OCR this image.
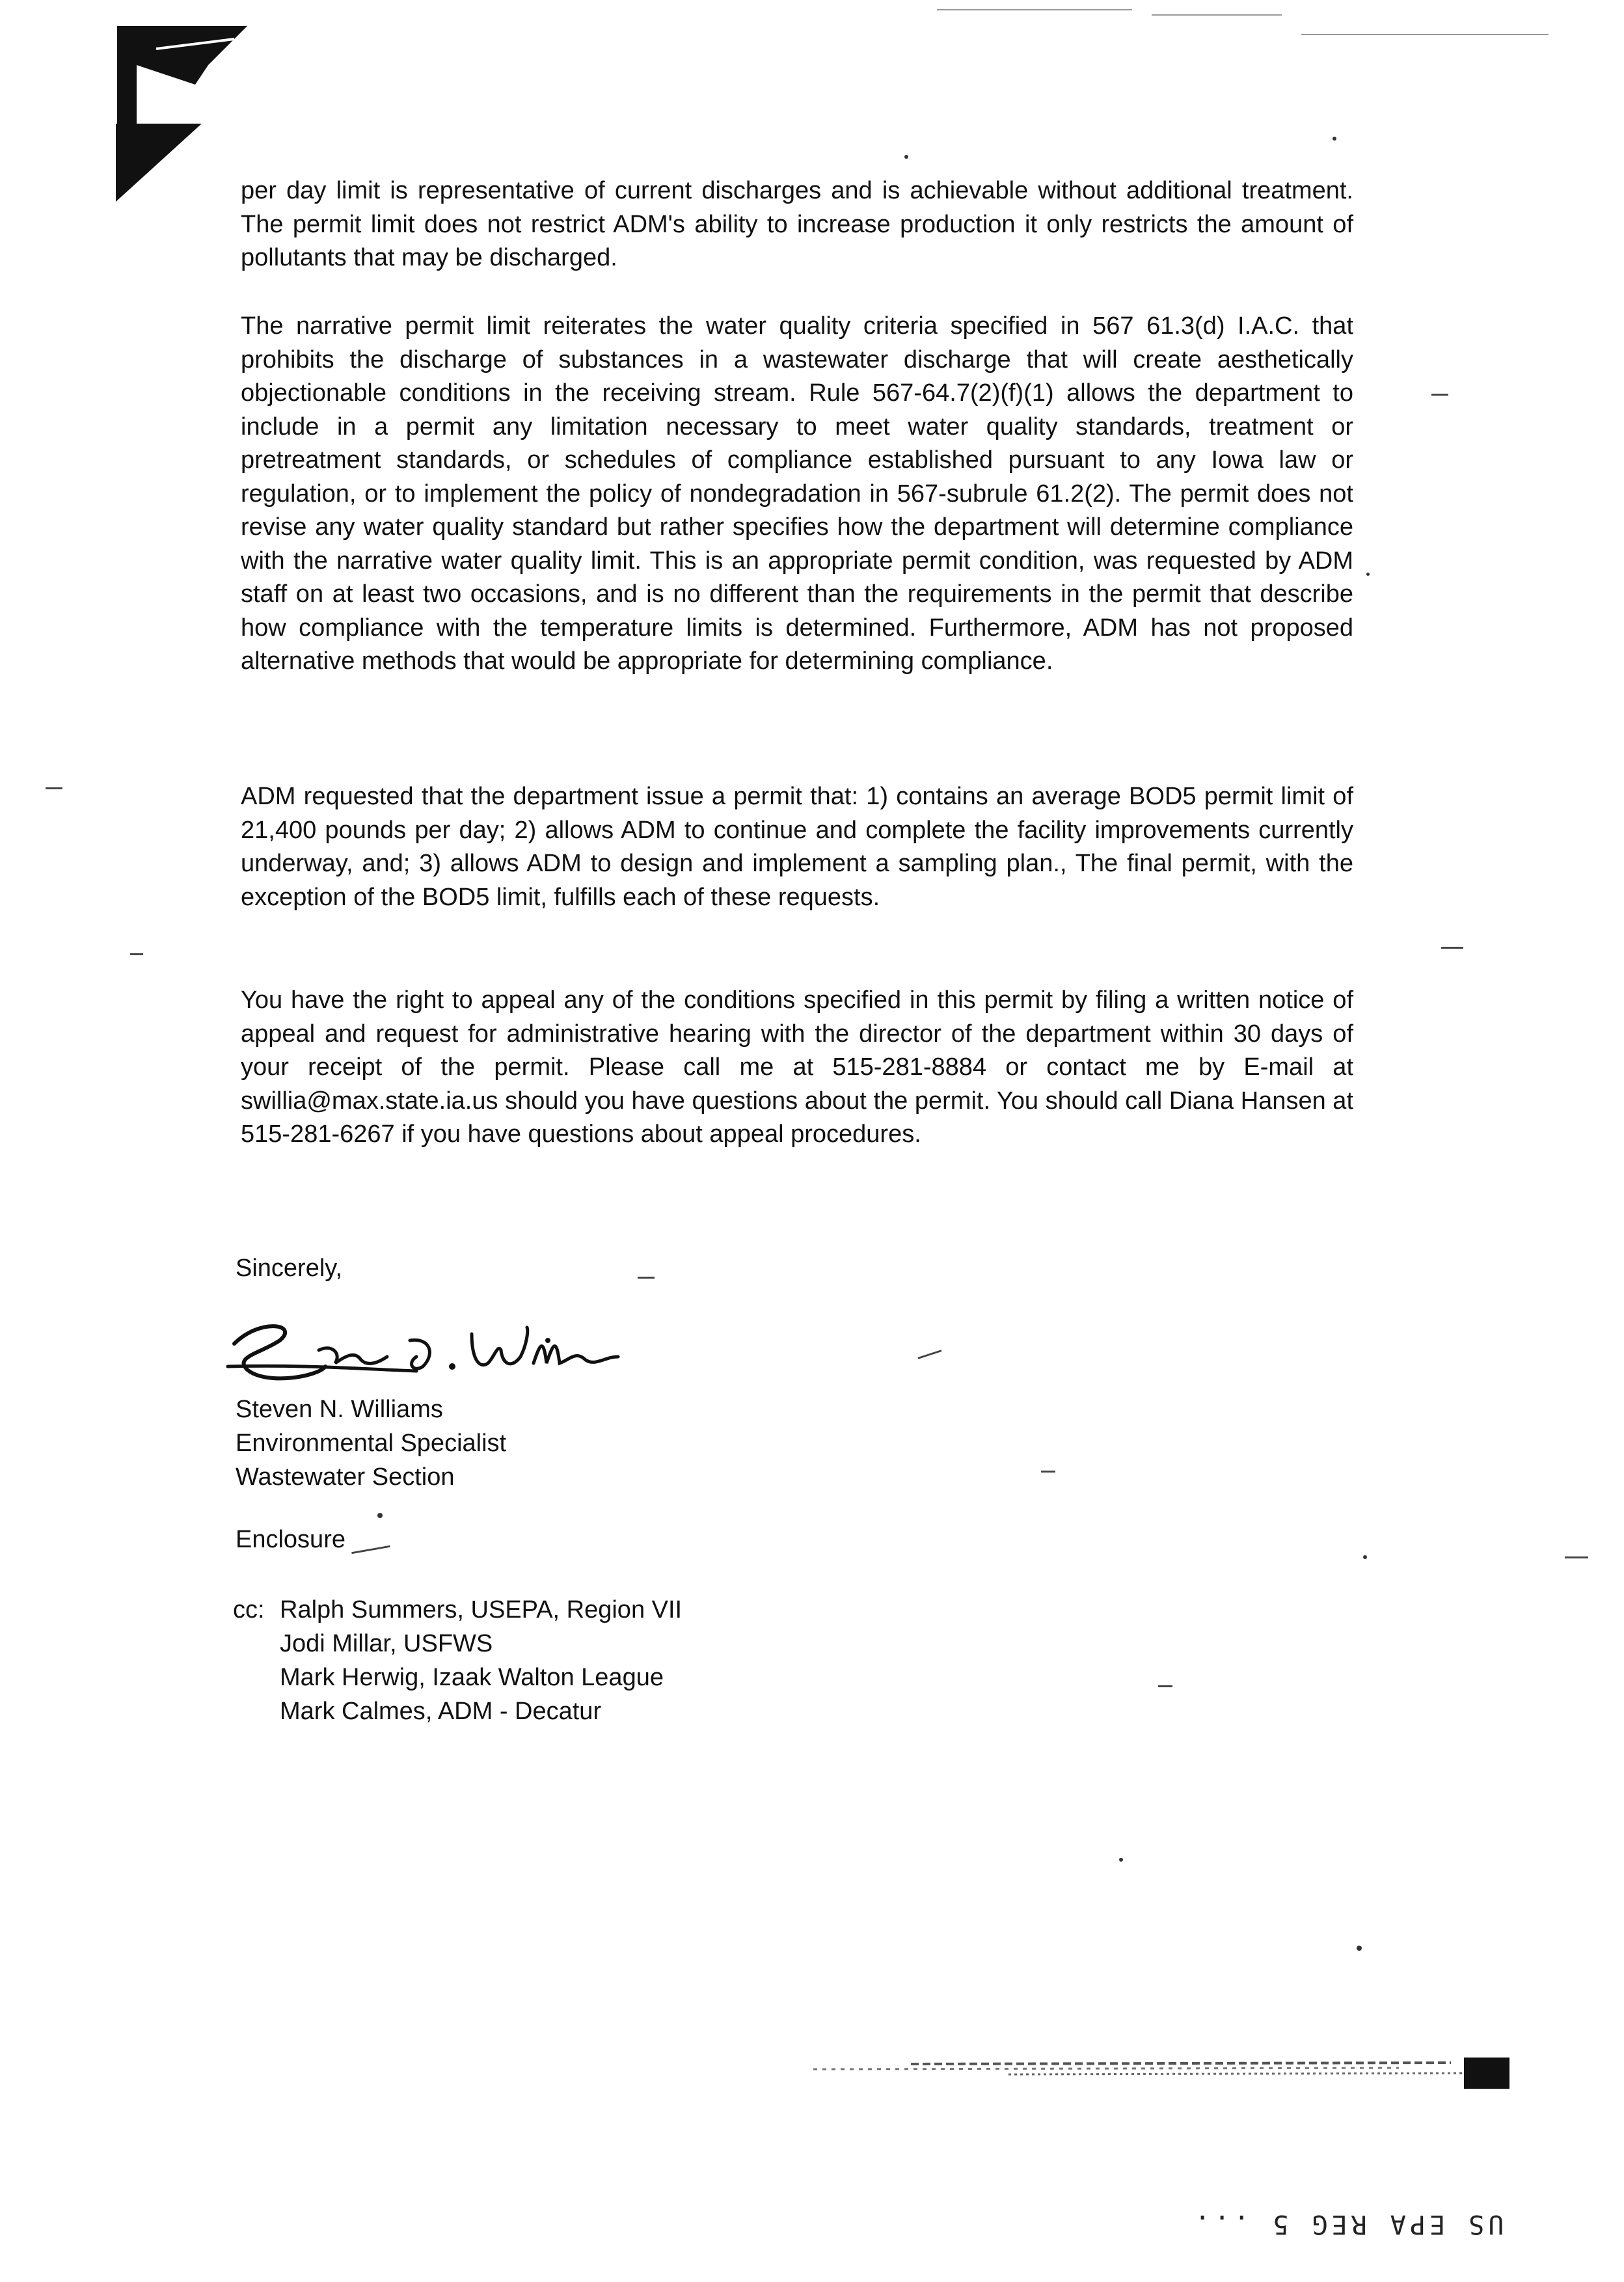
per day limit is representative of current discharges and is achievable without additional treatment. The permit limit does not restrict ADM's ability to increase production it only restricts the amount of pollutants that may be discharged.
The narrative permit limit reiterates the water quality criteria specified in 567 61.3(d) I.A.C. that prohibits the discharge of substances in a wastewater discharge that will create aesthetically objectionable conditions in the receiving stream. Rule 567-64.7(2)(f)(1) allows the department to include in a permit any limitation necessary to meet water quality standards, treatment or pretreatment standards, or schedules of compliance established pursuant to any Iowa law or regulation, or to implement the policy of nondegradation in 567-subrule 61.2(2). The permit does not revise any water quality standard but rather specifies how the department will determine compliance with the narrative water quality limit. This is an appropriate permit condition, was requested by ADM staff on at least two occasions, and is no different than the requirements in the permit that describe how compliance with the temperature limits is determined. Furthermore, ADM has not proposed alternative methods that would be appropriate for determining compliance.
ADM requested that the department issue a permit that: 1) contains an average BOD5 permit limit of 21,400 pounds per day; 2) allows ADM to continue and complete the facility improvements currently underway, and; 3) allows ADM to design and implement a sampling plan., The final permit, with the exception of the BOD5 limit, fulfills each of these requests.
You have the right to appeal any of the conditions specified in this permit by filing a written notice of appeal and request for administrative hearing with the director of the department within 30 days of your receipt of the permit. Please call me at 515-281-8884 or contact me by E-mail at swillia@max.state.ia.us should you have questions about the permit. You should call Diana Hansen at 515-281-6267 if you have questions about appeal procedures.
Sincerely,
Steven N. Williams
Environmental Specialist
Wastewater Section
Enclosure
cc: Ralph Summers, USEPA, Region VII
Jodi Millar, USFWS
Mark Herwig, Izaak Walton League
Mark Calmes, ADM - Decatur
US EPA REG 5 ...
